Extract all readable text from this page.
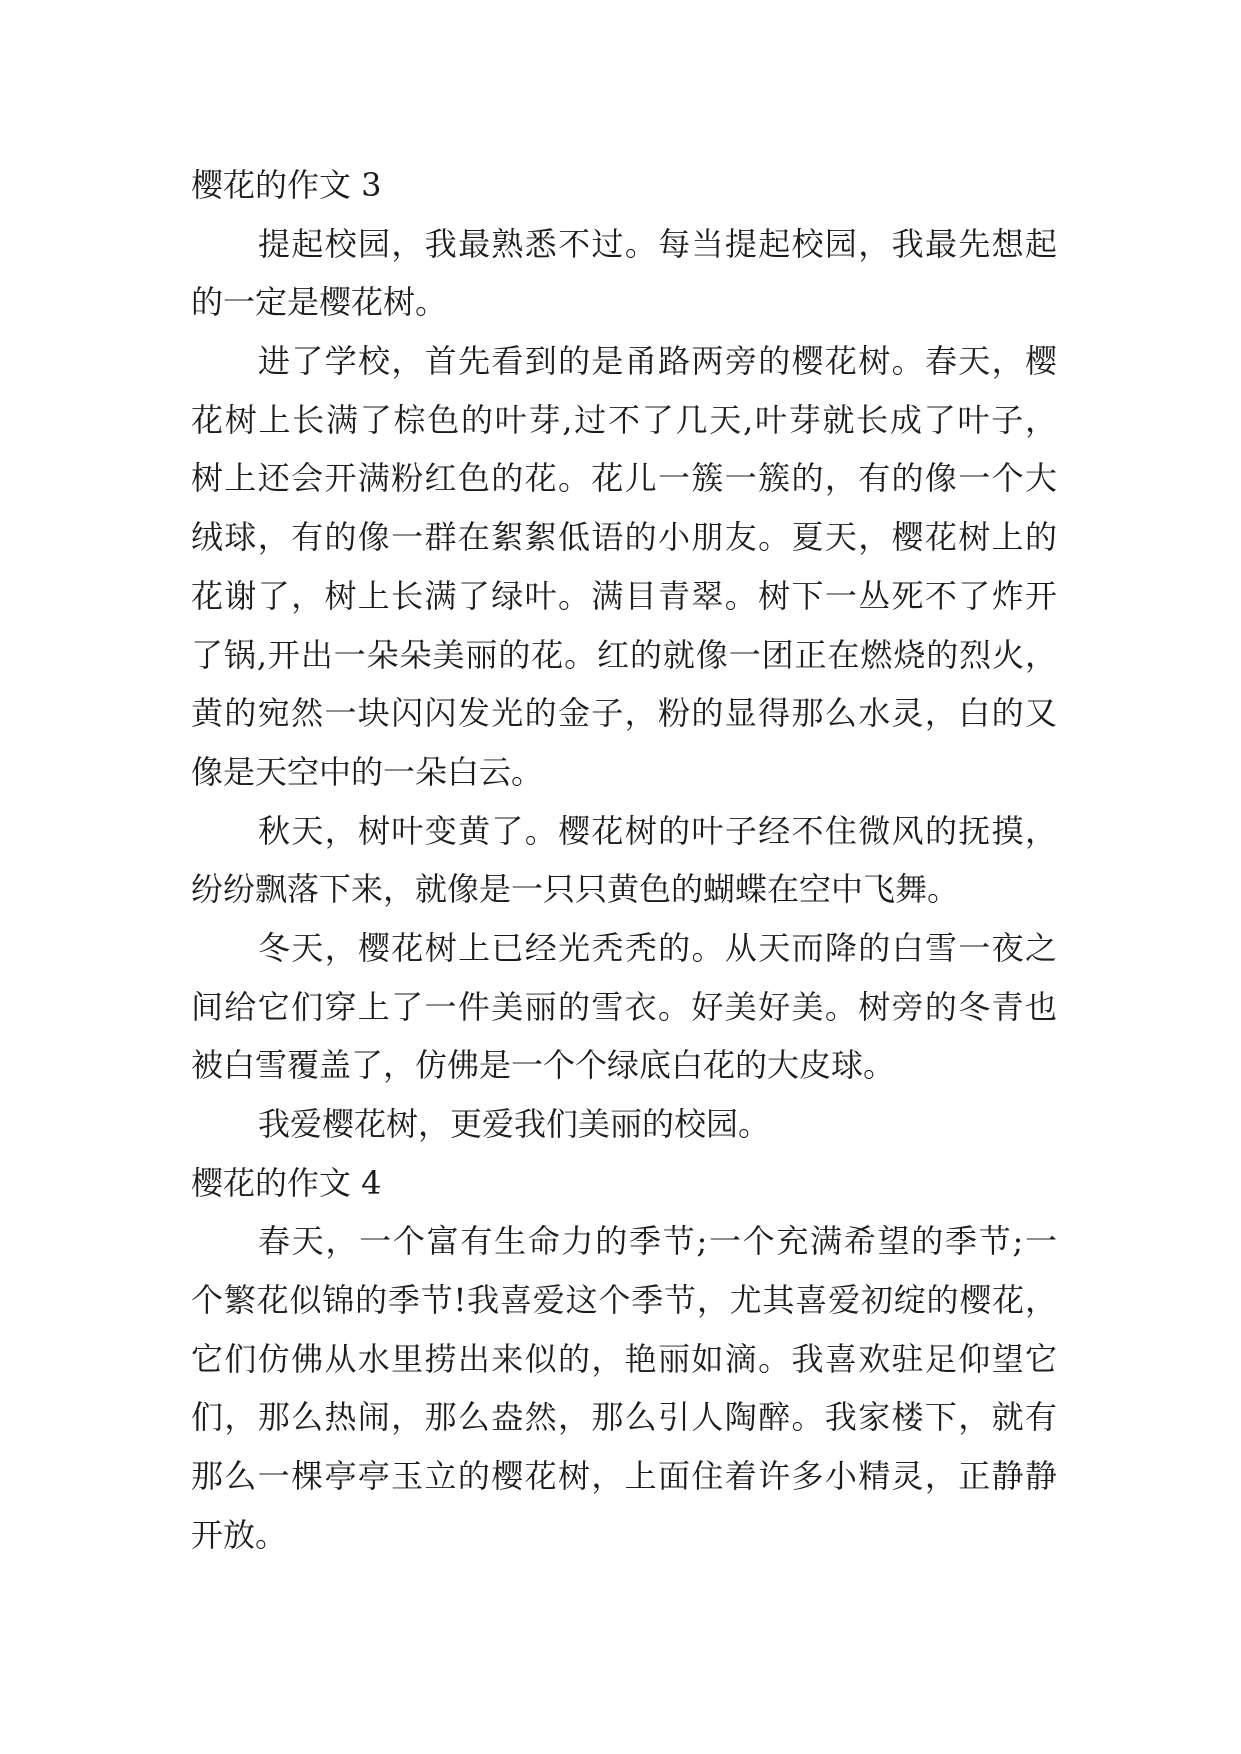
樱花的作文 3
提起校园，我最熟悉不过。每当提起校园，我最先想起
的一定是樱花树。
进了学校，首先看到的是甬路两旁的樱花树。春天，樱
花树上长满了棕色的叶芽,过不了几天,叶芽就长成了叶子，
树上还会开满粉红色的花。花儿一簇一簇的，有的像一个大
绒球，有的像一群在絮絮低语的小朋友。夏天，樱花树上的
花谢了，树上长满了绿叶。满目青翠。树下一丛死不了炸开
了锅,开出一朵朵美丽的花。红的就像一团正在燃烧的烈火，
黄的宛然一块闪闪发光的金子，粉的显得那么水灵，白的又
像是天空中的一朵白云。
秋天，树叶变黄了。樱花树的叶子经不住微风的抚摸，
纷纷飘落下来，就像是一只只黄色的蝴蝶在空中飞舞。
冬天，樱花树上已经光秃秃的。从天而降的白雪一夜之
间给它们穿上了一件美丽的雪衣。好美好美。树旁的冬青也
被白雪覆盖了，仿佛是一个个绿底白花的大皮球。
我爱樱花树，更爱我们美丽的校园。
樱花的作文 4
春天，一个富有生命力的季节;一个充满希望的季节;一
个繁花似锦的季节!我喜爱这个季节，尤其喜爱初绽的樱花，
它们仿佛从水里捞出来似的，艳丽如滴。我喜欢驻足仰望它
们，那么热闹，那么盎然，那么引人陶醉。我家楼下，就有
那么一棵亭亭玉立的樱花树，上面住着许多小精灵，正静静
开放。
